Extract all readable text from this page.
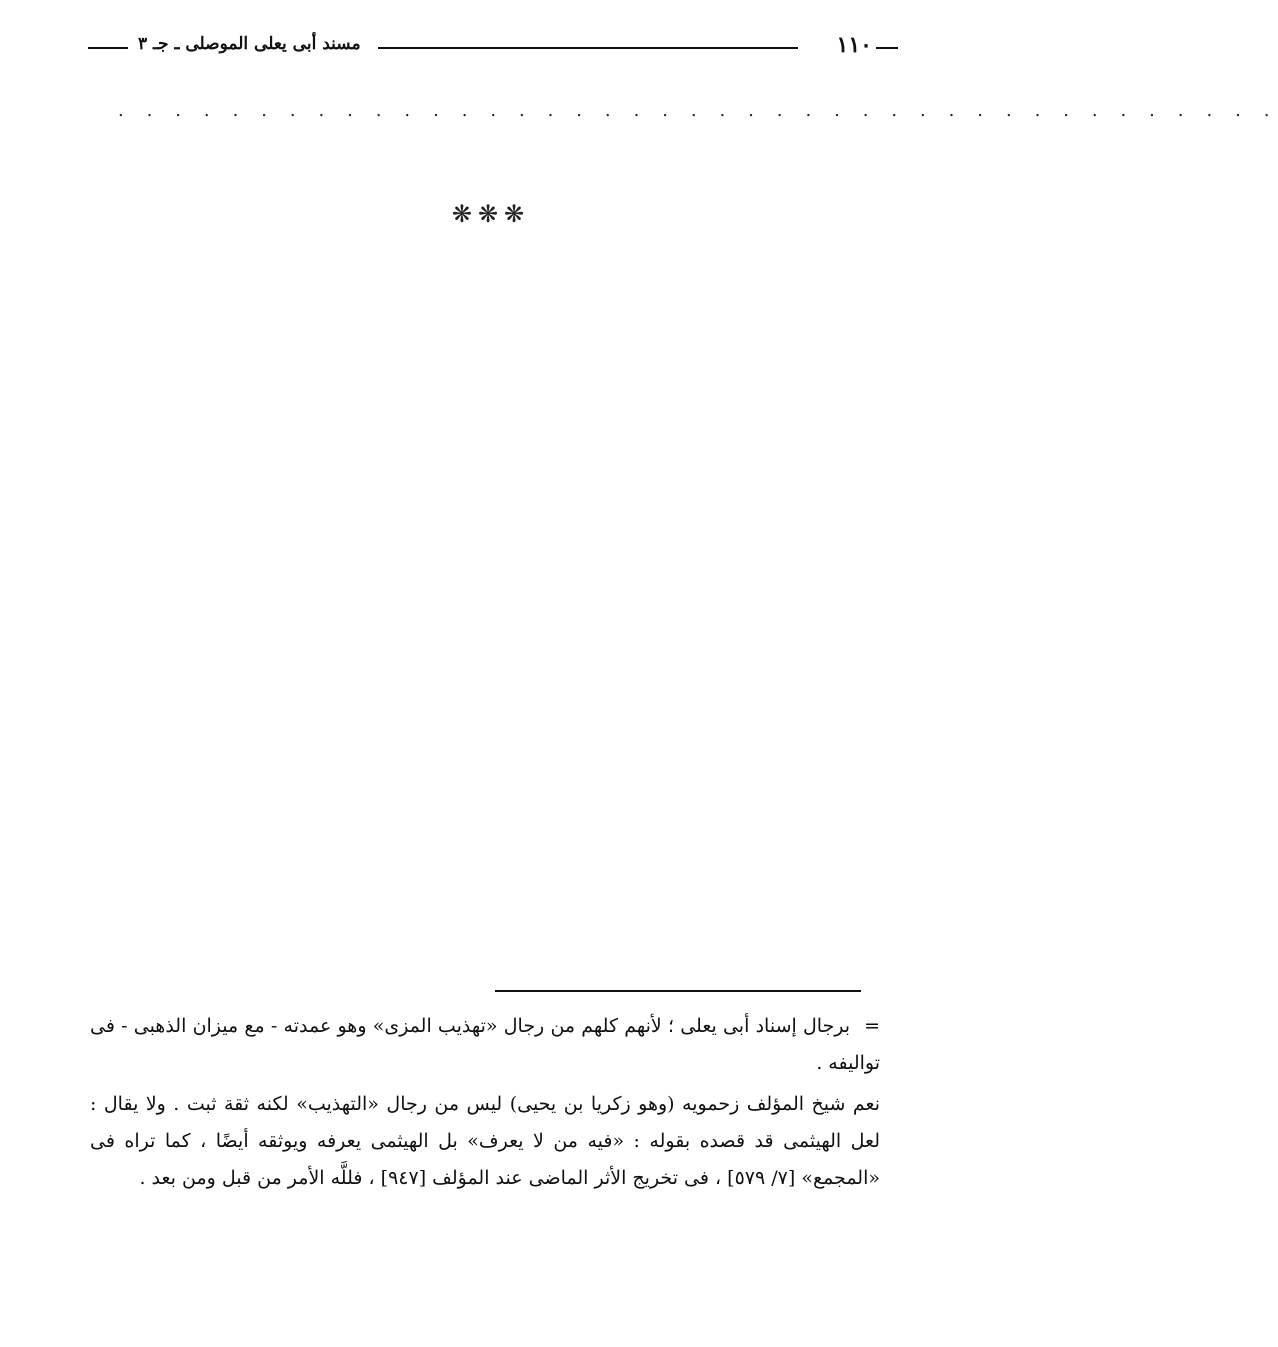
١١٠
مسند أبى يعلى الموصلى ـ جـ ٣
. . . . . . . . . . . . . . . . . . . . . . . . . . . . . . . . . . . . . . . . .
❋❋❋

=برجال إسناد أبى يعلى ؛ لأنهم كلهم من رجال «تهذيب المزى» وهو عمدته - مع ميزان الذهبى - فى تواليفه .

نعم شيخ المؤلف زحمويه (وهو زكريا بن يحيى) ليس من رجال «التهذيب» لكنه ثقة ثبت . ولا يقال : لعل الهيثمى قد قصده بقوله : «فيه من لا يعرف» بل الهيثمى يعرفه ويوثقه أيضًا ، كما تراه فى «المجمع» [٧/ ٥٧٩] ، فى تخريج الأثر الماضى عند المؤلف [٩٤٧] ، فللَّه الأمر من قبل ومن بعد .
